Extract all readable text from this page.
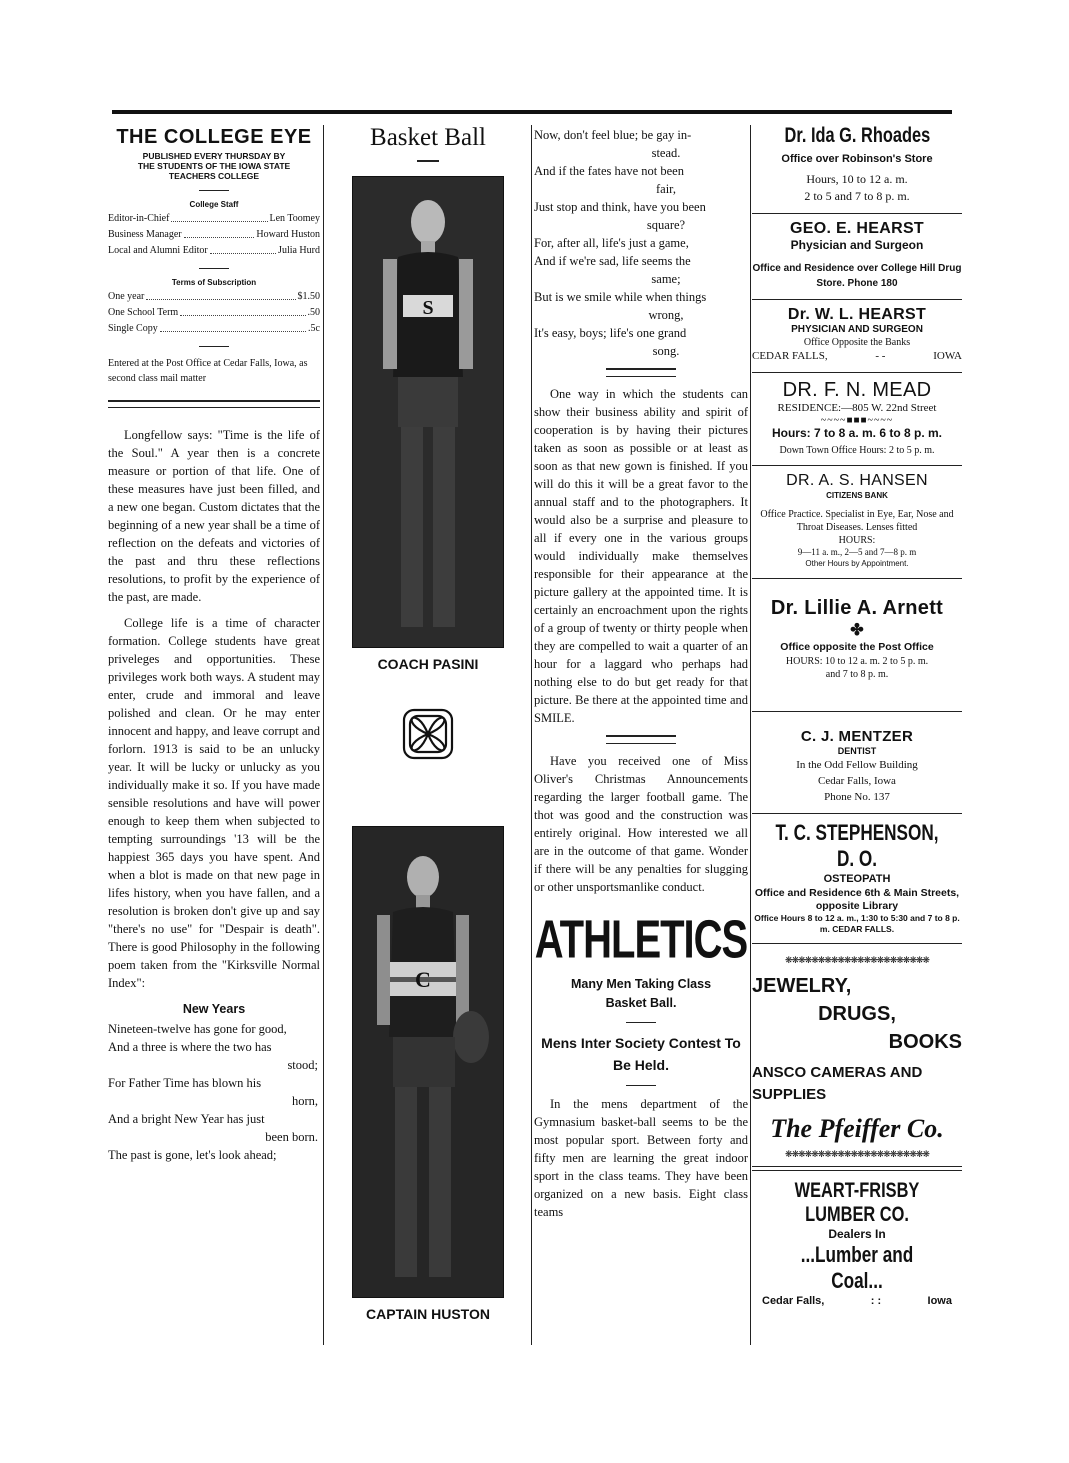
THE COLLEGE EYE
PUBLISHED EVERY THURSDAY BY
THE STUDENTS OF THE IOWA STATE
TEACHERS COLLEGE
College Staff
Editor-in-Chief	Len Toomey
Business Manager	Howard Huston
Local and Alumni Editor	Julia Hurd
Terms of Subscription
One year	$1.50
One School Term	.50
Single Copy	.5c
Entered at the Post Office at Cedar Falls, Iowa, as second class mail matter

Longfellow says: "Time is the life of the Soul." A year then is a concrete measure or portion of that life. One of these measures have just been filled, and a new one began. Custom dictates that the beginning of a new year shall be a time of reflection on the defeats and victories of the past and thru these reflections resolutions, to profit by the experience of the past, are made.

College life is a time of character formation. College students have great priveleges and opportunities. These privileges work both ways. A student may enter, crude and immoral and leave polished and clean. Or he may enter innocent and happy, and leave corrupt and forlorn. 1913 is said to be an unlucky year. It will be lucky or unlucky as you individually make it so. If you have made sensible resolutions and have will power enough to keep them when subjected to tempting surroundings '13 will be the happiest 365 days you have spent. And when a blot is made on that new page in lifes history, when you have fallen, and a resolution is broken don't give up and say "there's no use" for "Despair is death". There is good Philosophy in the following poem taken from the "Kirksville Normal Index":

New Years
Nineteen-twelve has gone for good,
And a three is where the two has
stood;
For Father Time has blown his
horn,
And a bright New Year has just
been born.
The past is gone, let's look ahead;
Basket Ball
S
COACH PASINI
C
CAPTAIN HUSTON
Now, don't feel blue; be gay in-
stead.
And if the fates have not been
fair,
Just stop and think, have you been
square?
For, after all, life's just a game,
And if we're sad, life seems the
same;
But is we smile while when things
wrong,
It's easy, boys; life's one grand
song.

One way in which the students can show their business ability and spirit of cooperation is by having their pictures taken as soon as possible or at least as soon as that new gown is finished. If you will do this it will be a great favor to the annual staff and to the photographers. It would also be a surprise and pleasure to all if every one in the various groups would individually make themselves responsible for their appearance at the picture gallery at the appointed time. It is certainly an encroachment upon the rights of a group of twenty or thirty people when they are compelled to wait a quarter of an hour for a laggard who perhaps had nothing else to do but get ready for that picture. Be there at the appointed time and SMILE.

Have you received one of Miss Oliver's Christmas Announcements regarding the larger football game. The thot was good and the construction was entirely original. How interested we all are in the outcome of that game. Wonder if there will be any penalties for slugging or other unsportsmanlike conduct.

ATHLETICS
Many Men Taking Class Basket Ball.
Mens Inter Society Contest To Be Held.

In the mens department of the Gymnasium basket-ball seems to be the most popular sport. Between forty and fifty men are learning the great indoor sport in the class teams. They have been organized on a new basis. Eight class teams

Dr. Ida G. Rhoades
Office over Robinson's Store
Hours, 10 to 12 a. m.
2 to 5 and 7 to 8 p. m.
GEO. E. HEARST
Physician and Surgeon
Office and Residence over College Hill Drug Store. Phone 180
Dr. W. L. HEARST
PHYSICIAN AND SURGEON
Office Opposite the Banks
CEDAR FALLS,	- -	IOWA
DR. F. N. MEAD
RESIDENCE:—805 W. 22nd Street
~~~~■■■~~~~
Hours: 7 to 8 a. m. 6 to 8 p. m.
Down Town Office Hours: 2 to 5 p. m.
DR. A. S. HANSEN
CITIZENS BANK
Office Practice. Specialist in Eye, Ear, Nose and Throat Diseases. Lenses fitted
HOURS:
9—11 a. m., 2—5 and 7—8 p. m
Other Hours by Appointment.
Dr. Lillie A. Arnett
✤
Office opposite the Post Office
HOURS: 10 to 12 a. m. 2 to 5 p. m.
and 7 to 8 p. m.
C. J. MENTZER
DENTIST
In the Odd Fellow Building
Cedar Falls, Iowa
Phone No. 137
T. C. STEPHENSON, D. O.
OSTEOPATH
Office and Residence 6th & Main Streets, opposite Library
Office Hours 8 to 12 a. m., 1:30 to 5:30 and 7 to 8 p. m. CEDAR FALLS.
❋❋❋❋❋❋❋❋❋❋❋❋❋❋❋❋❋❋❋❋❋❋
JEWELRY,
DRUGS,
BOOKS
ANSCO CAMERAS AND
SUPPLIES
The Pfeiffer Co.
❋❋❋❋❋❋❋❋❋❋❋❋❋❋❋❋❋❋❋❋❋❋
WEART-FRISBY LUMBER CO.
Dealers In
...Lumber and Coal...
Cedar Falls,	: :	Iowa
